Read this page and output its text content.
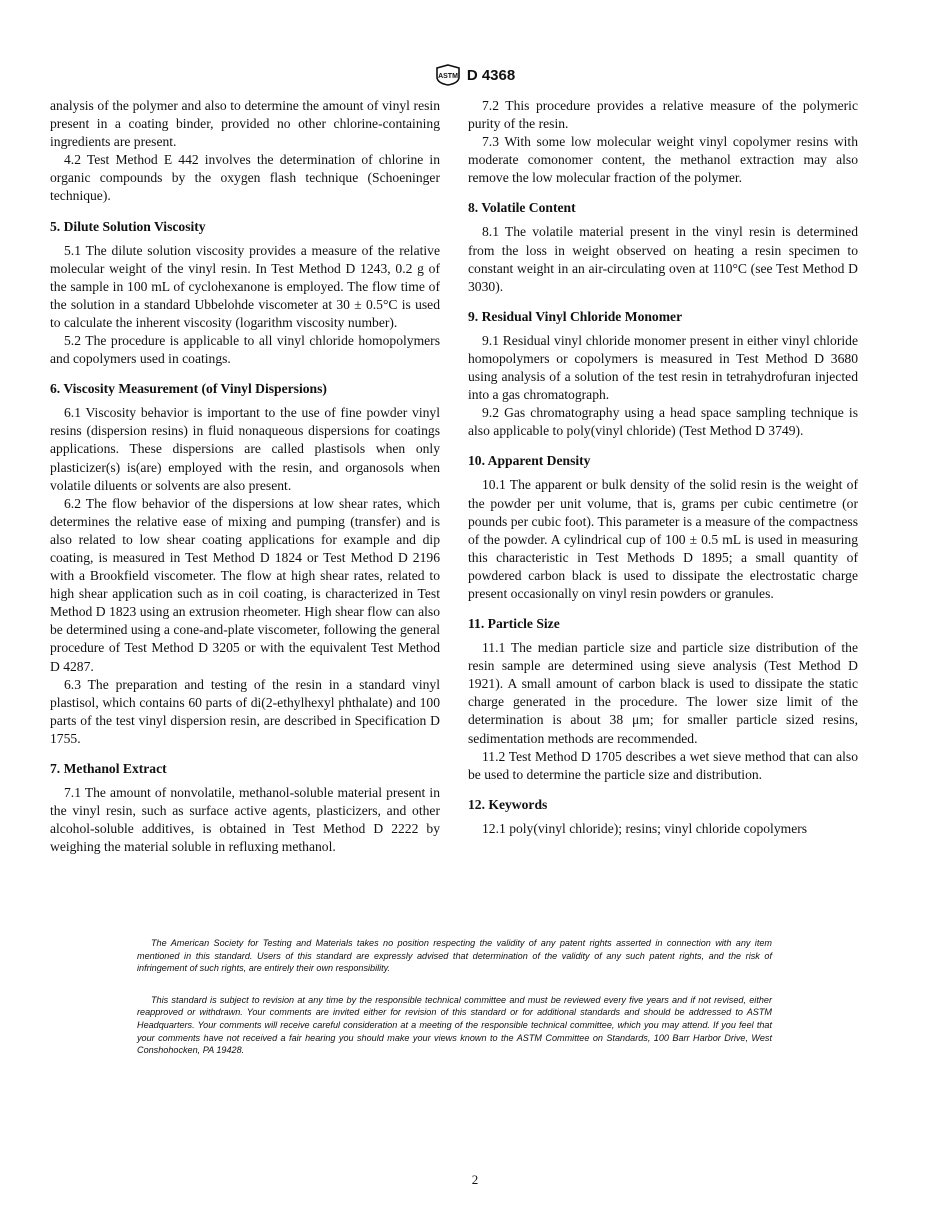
ASTM D 4368

analysis of the polymer and also to determine the amount of vinyl resin present in a coating binder, provided no other chlorine-containing ingredients are present.

4.2 Test Method E 442 involves the determination of chlorine in organic compounds by the oxygen flash technique (Schoeninger technique).

5. Dilute Solution Viscosity

5.1 The dilute solution viscosity provides a measure of the relative molecular weight of the vinyl resin. In Test Method D 1243, 0.2 g of the sample in 100 mL of cyclohexanone is employed. The flow time of the solution in a standard Ubbelohde viscometer at 30 ± 0.5°C is used to calculate the inherent viscosity (logarithm viscosity number).

5.2 The procedure is applicable to all vinyl chloride homopolymers and copolymers used in coatings.

6. Viscosity Measurement (of Vinyl Dispersions)

6.1 Viscosity behavior is important to the use of fine powder vinyl resins (dispersion resins) in fluid nonaqueous dispersions for coatings applications. These dispersions are called plastisols when only plasticizer(s) is(are) employed with the resin, and organosols when volatile diluents or solvents are also present.

6.2 The flow behavior of the dispersions at low shear rates, which determines the relative ease of mixing and pumping (transfer) and is also related to low shear coating applications for example and dip coating, is measured in Test Method D 1824 or Test Method D 2196 with a Brookfield viscometer. The flow at high shear rates, related to high shear application such as in coil coating, is characterized in Test Method D 1823 using an extrusion rheometer. High shear flow can also be determined using a cone-and-plate viscometer, following the general procedure of Test Method D 3205 or with the equivalent Test Method D 4287.

6.3 The preparation and testing of the resin in a standard vinyl plastisol, which contains 60 parts of di(2-ethylhexyl phthalate) and 100 parts of the test vinyl dispersion resin, are described in Specification D 1755.

7. Methanol Extract

7.1 The amount of nonvolatile, methanol-soluble material present in the vinyl resin, such as surface active agents, plasticizers, and other alcohol-soluble additives, is obtained in Test Method D 2222 by weighing the material soluble in refluxing methanol.

7.2 This procedure provides a relative measure of the polymeric purity of the resin.

7.3 With some low molecular weight vinyl copolymer resins with moderate comonomer content, the methanol extraction may also remove the low molecular fraction of the polymer.

8. Volatile Content

8.1 The volatile material present in the vinyl resin is determined from the loss in weight observed on heating a resin specimen to constant weight in an air-circulating oven at 110°C (see Test Method D 3030).

9. Residual Vinyl Chloride Monomer

9.1 Residual vinyl chloride monomer present in either vinyl chloride homopolymers or copolymers is measured in Test Method D 3680 using analysis of a solution of the test resin in tetrahydrofuran injected into a gas chromatograph.

9.2 Gas chromatography using a head space sampling technique is also applicable to poly(vinyl chloride) (Test Method D 3749).

10. Apparent Density

10.1 The apparent or bulk density of the solid resin is the weight of the powder per unit volume, that is, grams per cubic centimetre (or pounds per cubic foot). This parameter is a measure of the compactness of the powder. A cylindrical cup of 100 ± 0.5 mL is used in measuring this characteristic in Test Methods D 1895; a small quantity of powdered carbon black is used to dissipate the electrostatic charge present occasionally on vinyl resin powders or granules.

11. Particle Size

11.1 The median particle size and particle size distribution of the resin sample are determined using sieve analysis (Test Method D 1921). A small amount of carbon black is used to dissipate the static charge generated in the procedure. The lower size limit of the determination is about 38 μm; for smaller particle sized resins, sedimentation methods are recommended.

11.2 Test Method D 1705 describes a wet sieve method that can also be used to determine the particle size and distribution.

12. Keywords

12.1 poly(vinyl chloride); resins; vinyl chloride copolymers

The American Society for Testing and Materials takes no position respecting the validity of any patent rights asserted in connection with any item mentioned in this standard. Users of this standard are expressly advised that determination of the validity of any such patent rights, and the risk of infringement of such rights, are entirely their own responsibility.

This standard is subject to revision at any time by the responsible technical committee and must be reviewed every five years and if not revised, either reapproved or withdrawn. Your comments are invited either for revision of this standard or for additional standards and should be addressed to ASTM Headquarters. Your comments will receive careful consideration at a meeting of the responsible technical committee, which you may attend. If you feel that your comments have not received a fair hearing you should make your views known to the ASTM Committee on Standards, 100 Barr Harbor Drive, West Conshohocken, PA 19428.

2
